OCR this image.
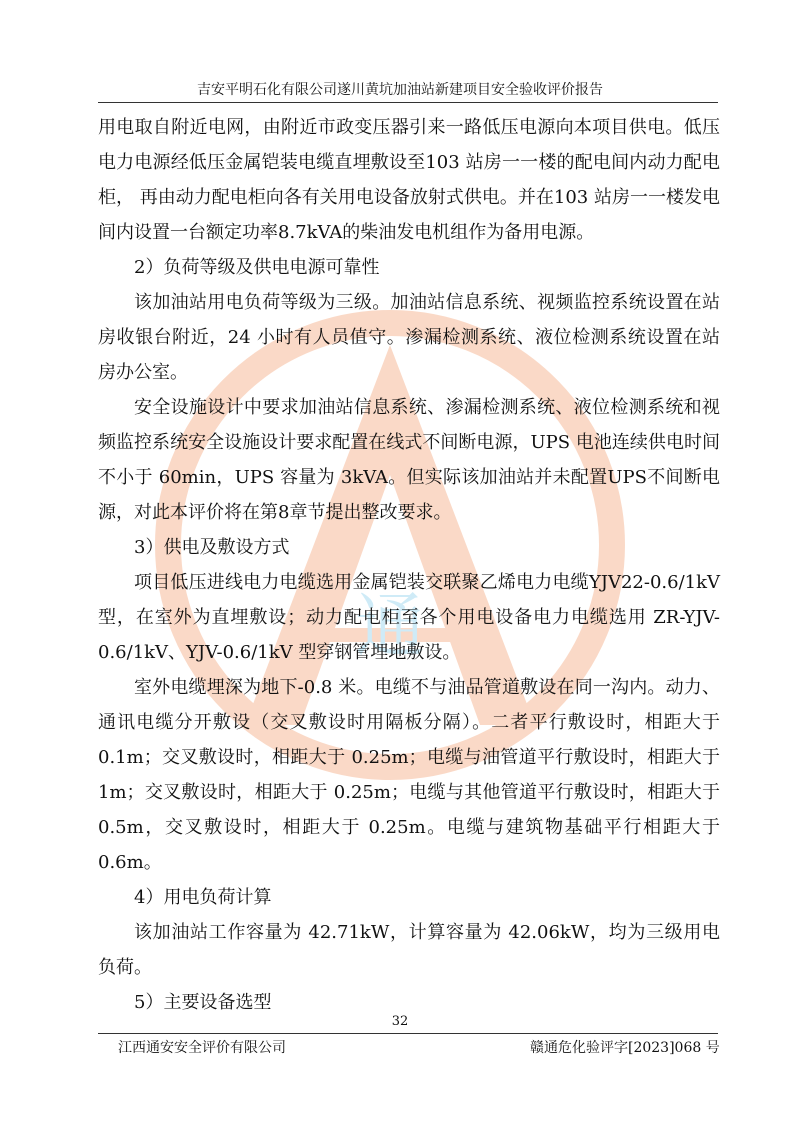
通
吉安平明石化有限公司遂川黄坑加油站新建项目安全验收评价报告

用电取自附近电网，由附近市政变压器引来一路低压电源向本项目供电。低压电力电源经低压金属铠装电缆直埋敷设至103 站房一一楼的配电间内动力配电柜， 再由动力配电柜向各有关用电设备放射式供电。并在103 站房一一楼发电间内设置一台额定功率8.7kVA的柴油发电机组作为备用电源。

2）负荷等级及供电电源可靠性

该加油站用电负荷等级为三级。加油站信息系统、视频监控系统设置在站房收银台附近，24 小时有人员值守。渗漏检测系统、液位检测系统设置在站房办公室。

安全设施设计中要求加油站信息系统、渗漏检测系统、液位检测系统和视频监控系统安全设施设计要求配置在线式不间断电源，UPS 电池连续供电时间不小于 60min，UPS 容量为 3kVA。但实际该加油站并未配置UPS不间断电源，对此本评价将在第8章节提出整改要求。

3）供电及敷设方式

项目低压进线电力电缆选用金属铠装交联聚乙烯电力电缆YJV22-0.6/1kV 型，在室外为直埋敷设；动力配电柜至各个用电设备电力电缆选用 ZR-YJV-0.6/1kV、YJV-0.6/1kV 型穿钢管埋地敷设。

室外电缆埋深为地下-0.8 米。电缆不与油品管道敷设在同一沟内。动力、通讯电缆分开敷设（交叉敷设时用隔板分隔）。二者平行敷设时，相距大于0.1m；交叉敷设时，相距大于 0.25m；电缆与油管道平行敷设时，相距大于 1m；交叉敷设时，相距大于 0.25m；电缆与其他管道平行敷设时，相距大于 0.5m，交叉敷设时，相距大于 0.25m。电缆与建筑物基础平行相距大于0.6m。

4）用电负荷计算

该加油站工作容量为 42.71kW，计算容量为 42.06kW，均为三级用电负荷。

5）主要设备选型

32
江西通安安全评价有限公司	赣通危化验评字[2023]068 号
